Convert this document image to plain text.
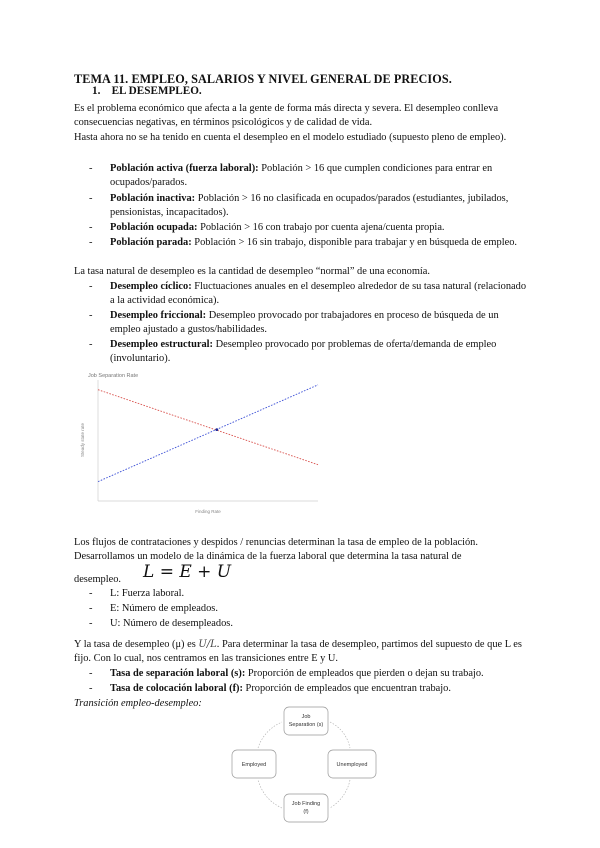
TEMA 11. EMPLEO, SALARIOS Y NIVEL GENERAL DE PRECIOS.
1. EL DESEMPLEO.
Es el problema económico que afecta a la gente de forma más directa y severa. El desempleo conlleva consecuencias negativas, en términos psicológicos y de calidad de vida.
Hasta ahora no se ha tenido en cuenta el desempleo en el modelo estudiado (supuesto pleno de empleo).
- Población activa (fuerza laboral): Población > 16 que cumplen condiciones para entrar en ocupados/parados.
- Población inactiva: Población > 16 no clasificada en ocupados/parados (estudiantes, jubilados, pensionistas, incapacitados).
- Población ocupada: Población > 16 con trabajo por cuenta ajena/cuenta propia.
- Población parada: Población > 16 sin trabajo, disponible para trabajar y en búsqueda de empleo.
La tasa natural de desempleo es la cantidad de desempleo “normal” de una economía.
- Desempleo cíclico: Fluctuaciones anuales en el desempleo alrededor de su tasa natural (relacionado a la actividad económica).
- Desempleo friccional: Desempleo provocado por trabajadores en proceso de búsqueda de un empleo ajustado a gustos/habilidades.
- Desempleo estructural: Desempleo provocado por problemas de oferta/demanda de empleo (involuntario).
Job Separation Rate
Steady state rate
Finding Rate
Los flujos de contrataciones y despidos / renuncias determinan la tasa de empleo de la población.
Desarrollamos un modelo de la dinámica de la fuerza laboral que determina la tasa natural de
desempleo.	L = E + U
- L: Fuerza laboral.
- E: Número de empleados.
- U: Número de desempleados.
Y la tasa de desempleo (μ) es U/L. Para determinar la tasa de desempleo, partimos del supuesto de que L es fijo. Con lo cual, nos centramos en las transiciones entre E y U.
- Tasa de separación laboral (s): Proporción de empleados que pierden o dejan su trabajo.
- Tasa de colocación laboral (f): Proporción de empleados que encuentran trabajo.
Transición empleo-desempleo:
Job
Separation (s)
Employed	Unemployed
Job Finding
(f)
